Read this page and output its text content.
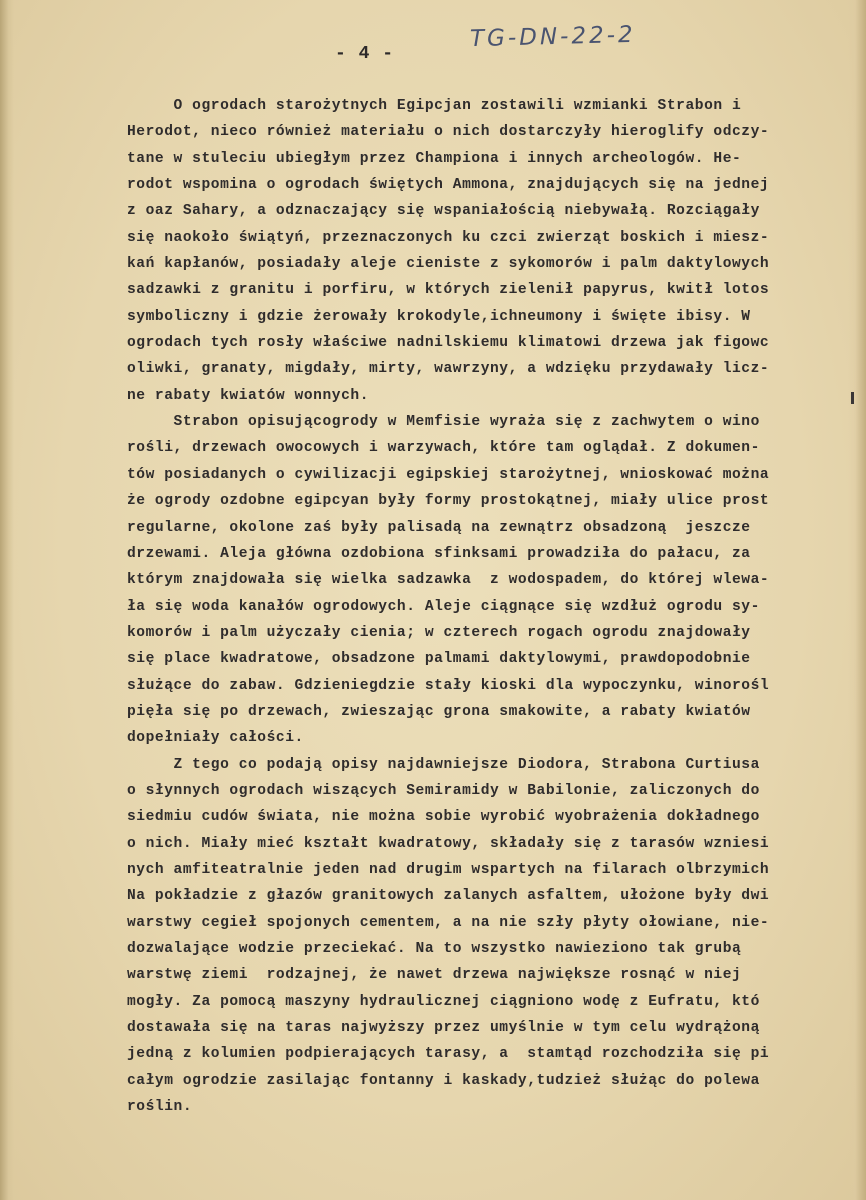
- 4 -
TG-DN-22-2
O ogrodach starożytnych Egipcjan zostawili wzmianki Strabon i
Herodot, nieco również materiału o nich dostarczyły hieroglify odczy-
tane w stuleciu ubiegłym przez Championa i innych archeologów. He-
rodot wspomina o ogrodach świętych Ammona, znajdujących się na jednej
z oaz Sahary, a odznaczający się wspaniałością niebywałą. Rozciągały
się naokoło świątyń, przeznaczonych ku czci zwierząt boskich i miesz-
kań kapłanów, posiadały aleje cieniste z sykomorów i palm daktylowych
sadzawki z granitu i porfiru, w których zielenił papyrus, kwitł lotos
symboliczny i gdzie żerowały krokodyle,ichneumony i święte ibisy. W
ogrodach tych rosły właściwe nadnilskiemu klimatowi drzewa jak figowc
oliwki, granaty, migdały, mirty, wawrzyny, a wdzięku przydawały licz-
ne rabaty kwiatów wonnych.
Strabon opisującogrody w Memfisie wyraża się z zachwytem o wino
rośli, drzewach owocowych i warzywach, które tam oglądał. Z dokumen-
tów posiadanych o cywilizacji egipskiej starożytnej, wnioskować można
że ogrody ozdobne egipcyan były formy prostokątnej, miały ulice prost
regularne, okolone zaś były palisadą na zewnątrz obsadzoną  jeszcze
drzewami. Aleja główna ozdobiona sfinksami prowadziła do pałacu, za
którym znajdowała się wielka sadzawka  z wodospadem, do której wlewa-
ła się woda kanałów ogrodowych. Aleje ciągnące się wzdłuż ogrodu sy-
komorów i palm użyczały cienia; w czterech rogach ogrodu znajdowały
się place kwadratowe, obsadzone palmami daktylowymi, prawdopodobnie
służące do zabaw. Gdzieniegdzie stały kioski dla wypoczynku, winorośl
pięła się po drzewach, zwieszając grona smakowite, a rabaty kwiatów
dopełniały całości.
Z tego co podają opisy najdawniejsze Diodora, Strabona Curtiusa
o słynnych ogrodach wiszących Semiramidy w Babilonie, zaliczonych do
siedmiu cudów świata, nie można sobie wyrobić wyobrażenia dokładnego
o nich. Miały mieć kształt kwadratowy, składały się z tarasów wzniesi
nych amfiteatralnie jeden nad drugim wspartych na filarach olbrzymich
Na pokładzie z głazów granitowych zalanych asfaltem, ułożone były dwi
warstwy cegieł spojonych cementem, a na nie szły płyty ołowiane, nie-
dozwalające wodzie przeciekać. Na to wszystko nawieziono tak grubą
warstwę ziemi  rodzajnej, że nawet drzewa największe rosnąć w niej
mogły. Za pomocą maszyny hydraulicznej ciągniono wodę z Eufratu, któ
dostawała się na taras najwyższy przez umyślnie w tym celu wydrążoną
jedną z kolumien podpierających tarasy, a  stamtąd rozchodziła się pi
całym ogrodzie zasilając fontanny i kaskady,tudzież służąc do polewa
roślin.
